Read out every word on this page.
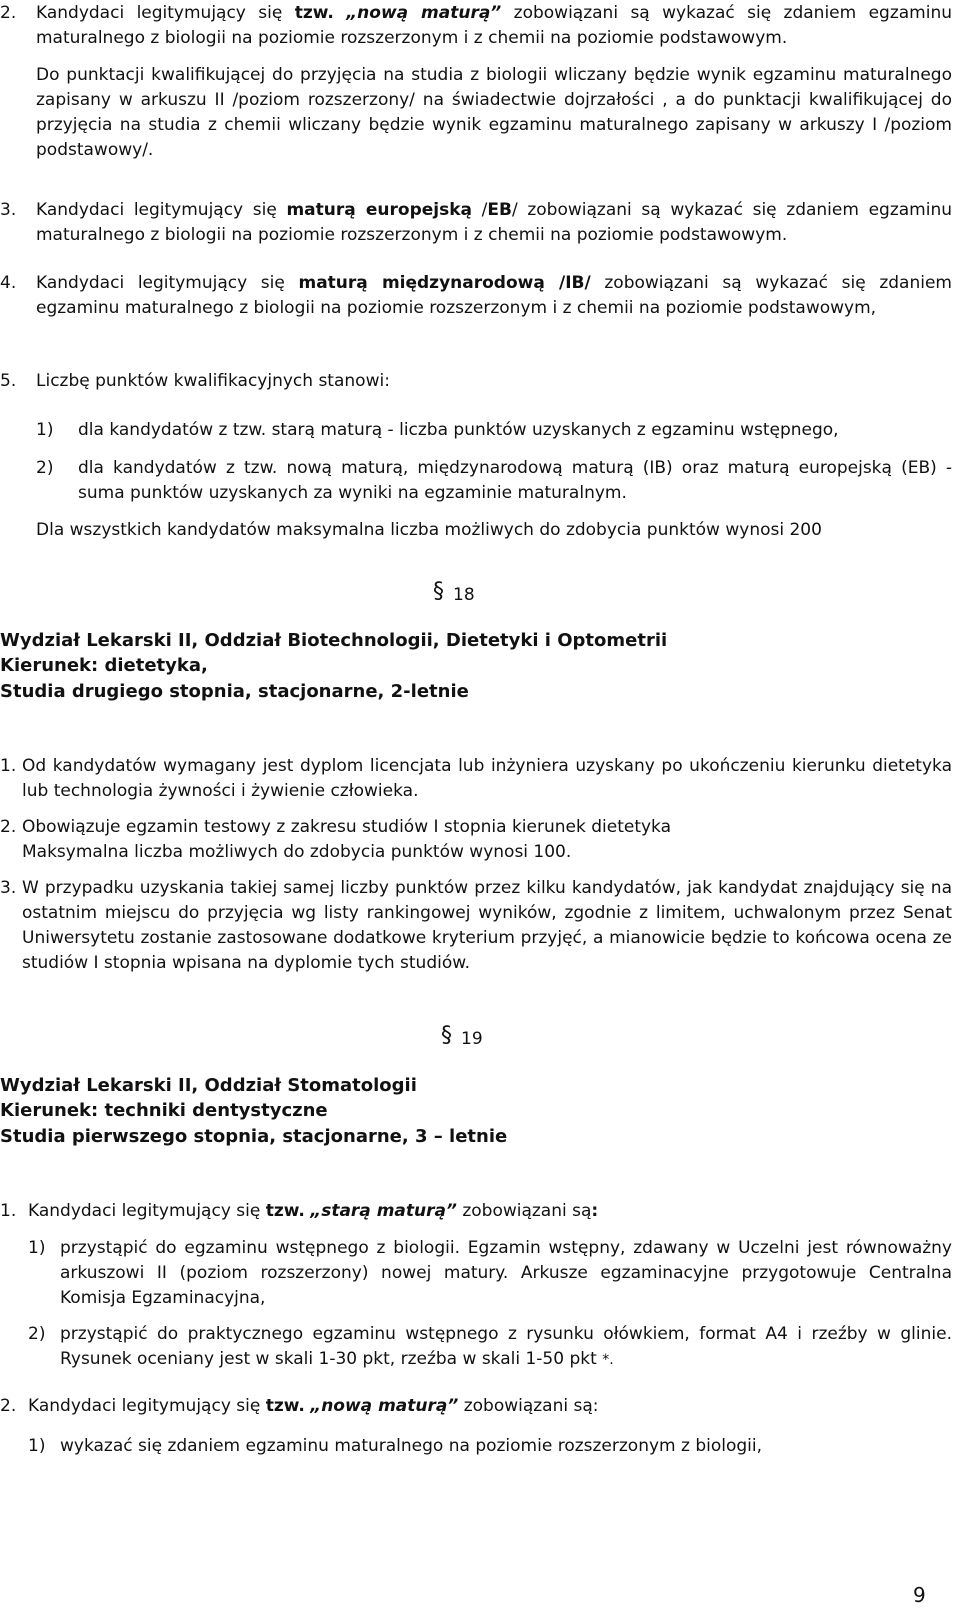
2. Kandydaci legitymujący się tzw. „nową maturą” zobowiązani są wykazać się zdaniem egzaminu maturalnego z biologii na poziomie rozszerzonym i z chemii na poziomie podstawowym.

Do punktacji kwalifikującej do przyjęcia na studia z biologii wliczany będzie wynik egzaminu maturalnego zapisany w arkuszu II /poziom rozszerzony/ na świadectwie dojrzałości , a do punktacji kwalifikującej do przyjęcia na studia z chemii wliczany będzie wynik egzaminu maturalnego zapisany w arkuszy I /poziom podstawowy/.

3. Kandydaci legitymujący się maturą europejską /EB/ zobowiązani są wykazać się zdaniem egzaminu maturalnego z biologii na poziomie rozszerzonym i z chemii na poziomie podstawowym.

4. Kandydaci legitymujący się maturą międzynarodową /IB/ zobowiązani są wykazać się zdaniem egzaminu maturalnego z biologii na poziomie rozszerzonym i z chemii na poziomie podstawowym,

5. Liczbę punktów kwalifikacyjnych stanowi:
1) dla kandydatów z tzw. starą maturą - liczba punktów uzyskanych z egzaminu wstępnego,
2) dla kandydatów z tzw. nową maturą, międzynarodową maturą (IB) oraz maturą europejską (EB) - suma punktów uzyskanych za wyniki na egzaminie maturalnym.

Dla wszystkich kandydatów maksymalna liczba możliwych do zdobycia punktów wynosi 200

§ 18
Wydział Lekarski II, Oddział Biotechnologii, Dietetyki i Optometrii
Kierunek: dietetyka,
Studia drugiego stopnia, stacjonarne, 2-letnie
1. Od kandydatów wymagany jest dyplom licencjata lub inżyniera uzyskany po ukończeniu kierunku dietetyka lub technologia żywności i żywienie człowieka.

2. Obowiązuje egzamin testowy z zakresu studiów I stopnia kierunek dietetyka

Maksymalna liczba możliwych do zdobycia punktów wynosi 100.

3. W przypadku uzyskania takiej samej liczby punktów przez kilku kandydatów, jak kandydat znajdujący się na ostatnim miejscu do przyjęcia wg listy rankingowej wyników, zgodnie z limitem, uchwalonym przez Senat Uniwersytetu zostanie zastosowane dodatkowe kryterium przyjęć, a mianowicie będzie to końcowa ocena ze studiów I stopnia wpisana na dyplomie tych studiów.

§ 19
Wydział Lekarski II, Oddział Stomatologii
Kierunek: techniki dentystyczne
Studia pierwszego stopnia, stacjonarne, 3 – letnie
1. Kandydaci legitymujący się tzw. „starą maturą” zobowiązani są:

1) przystąpić do egzaminu wstępnego z biologii. Egzamin wstępny, zdawany w Uczelni jest równoważny arkuszowi II (poziom rozszerzony) nowej matury. Arkusze egzaminacyjne przygotowuje Centralna Komisja Egzaminacyjna,

2) przystąpić do praktycznego egzaminu wstępnego z rysunku ołówkiem, format A4 i rzeźby w glinie. Rysunek oceniany jest w skali 1-30 pkt, rzeźba w skali 1-50 pkt *.

2. Kandydaci legitymujący się tzw. „nową maturą” zobowiązani są:

1) wykazać się zdaniem egzaminu maturalnego na poziomie rozszerzonym z biologii,
9
